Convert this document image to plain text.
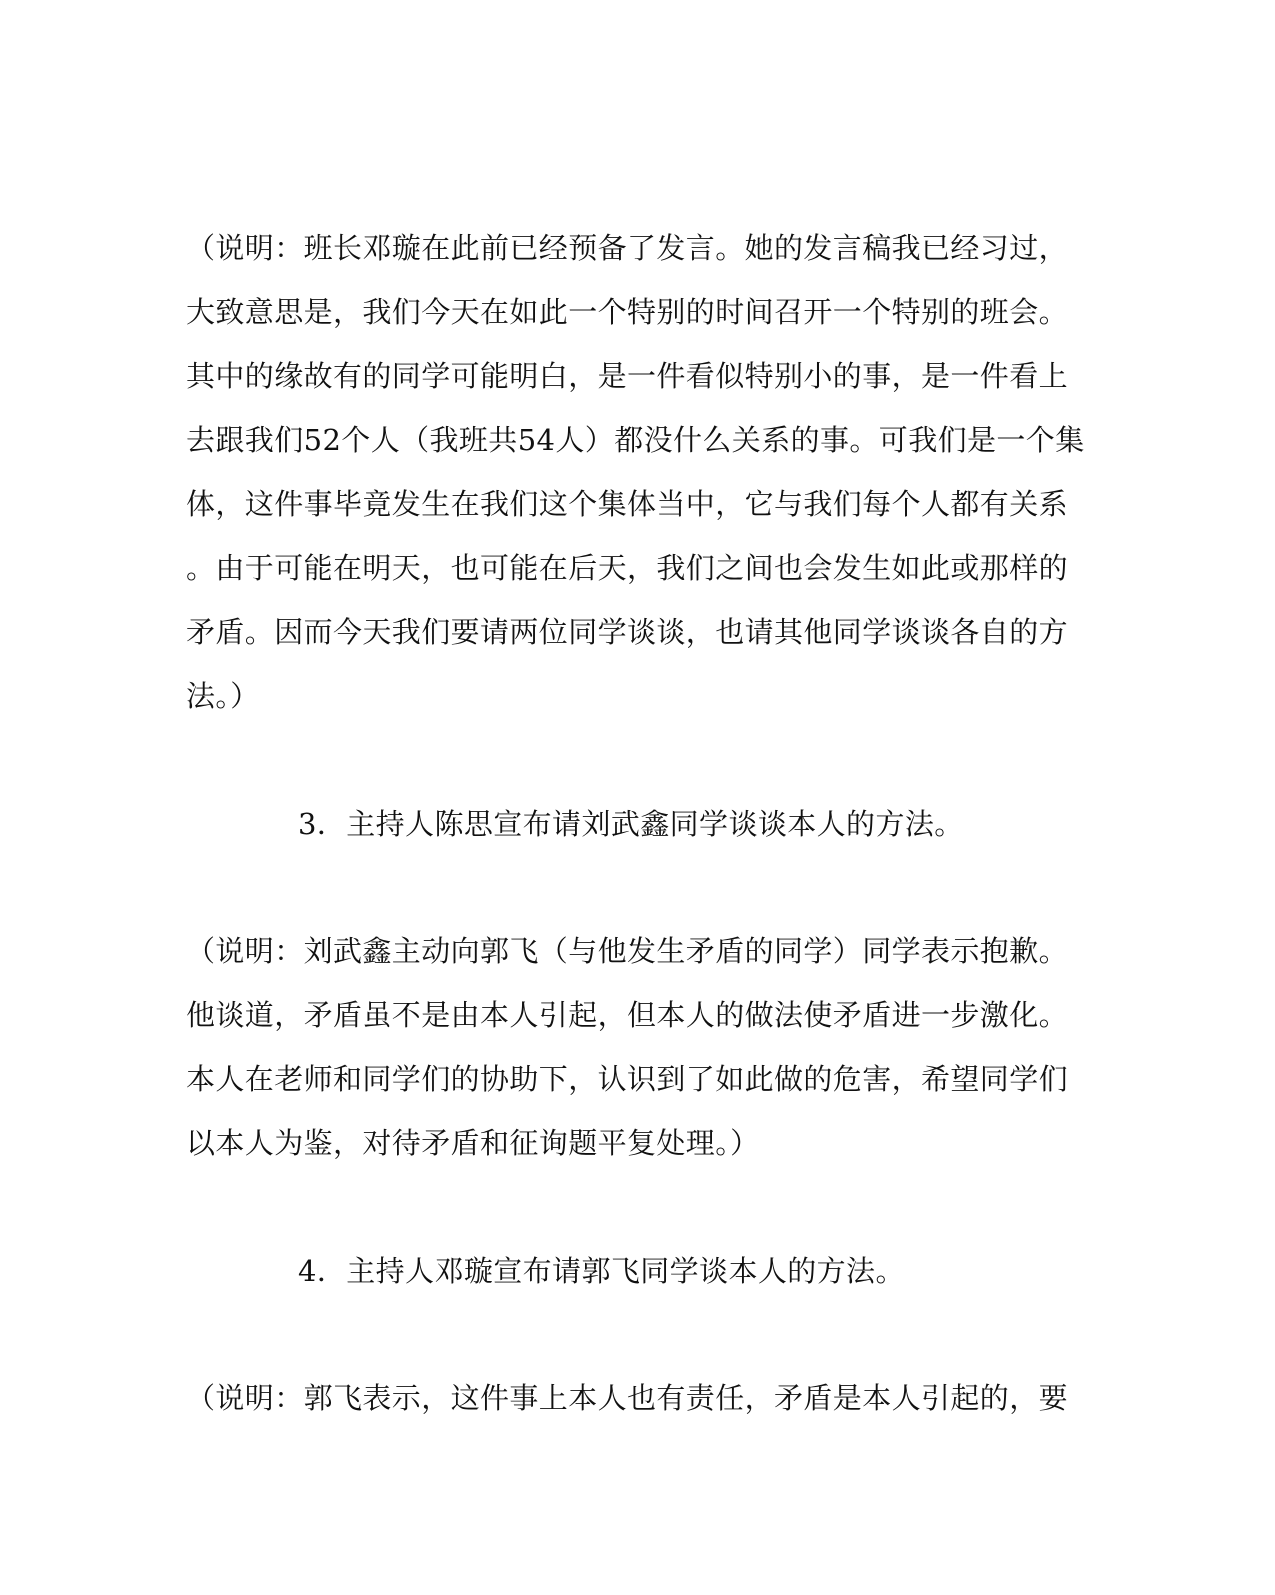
（说明：班长邓璇在此前已经预备了发言。她的发言稿我已经习过，
大致意思是，我们今天在如此一个特别的时间召开一个特别的班会。
其中的缘故有的同学可能明白，是一件看似特别小的事，是一件看上
去跟我们52个人（我班共54人）都没什么关系的事。可我们是一个集
体，这件事毕竟发生在我们这个集体当中，它与我们每个人都有关系
。由于可能在明天，也可能在后天，我们之间也会发生如此或那样的
矛盾。因而今天我们要请两位同学谈谈，也请其他同学谈谈各自的方
法。）
3．主持人陈思宣布请刘武鑫同学谈谈本人的方法。
（说明：刘武鑫主动向郭飞（与他发生矛盾的同学）同学表示抱歉。
他谈道，矛盾虽不是由本人引起，但本人的做法使矛盾进一步激化。
本人在老师和同学们的协助下，认识到了如此做的危害，希望同学们
以本人为鉴，对待矛盾和征询题平复处理。）
4．主持人邓璇宣布请郭飞同学谈本人的方法。
（说明：郭飞表示，这件事上本人也有责任，矛盾是本人引起的，要
